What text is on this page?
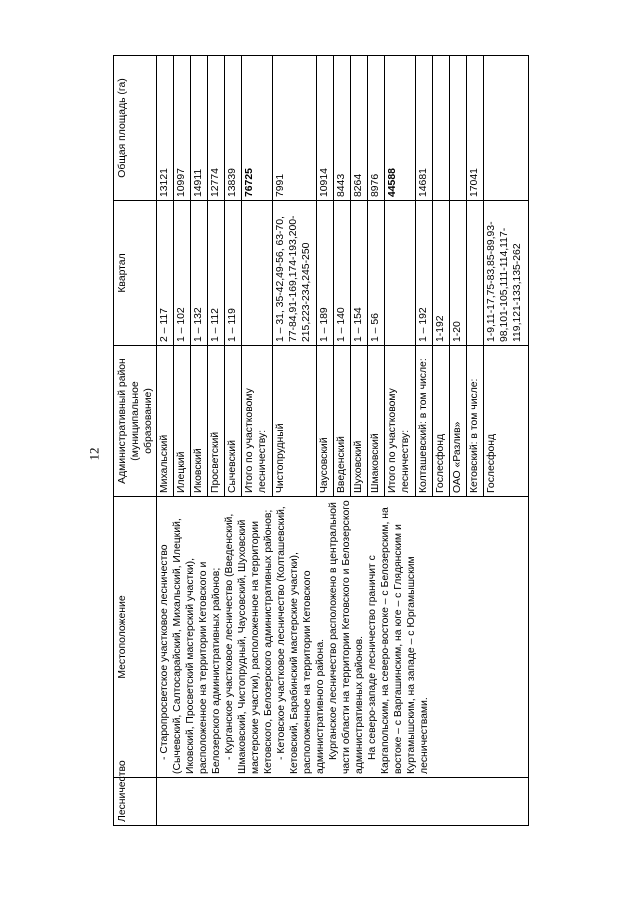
12
Лесничество	Местоположение	Административный район (муниципальное образование)	Квартал	Общая площадь (га)

	- Старопросветское участковое лесничество (Сычевский, Салтосарайский, Михальский, Илецкий, Иковский, Просветский мастерский участки), расположенное на территории Кетовского и Белозерского административных районов; - Курганское участковое лесничество (Введенский, Шмаковский, Чистопрудный, Чаусовский, Шуховский мастерские участки), расположенное на территории Кетовского, Белозерского административных районов; - Кетовское участковое лесничество (Колташевский, Кетовский, Барабинский мастерские участки), расположенное на территории Кетовского административного района. Курганское лесничество расположено в центральной части области на территории Кетовского и Белозерского административных районов. На северо-западе лесничество граничит с Каргапольским, на северо-востоке – с Белозерским, на востоке – с Варгашинским, на юге – с Глядянским и Куртамышским, на западе – с Юргамышским лесничествами.	Михальский	2 – 117	13121
		Илецкий	1 – 102	10997
		Иковский	1 – 132	14911
		Просветский	1 – 112	12774
		Сычевский	1 – 119	13839
		Итого по участковому лесничеству:		76725
		Чистопрудный	1 – 31, 35-42,49-56, 63-70, 77-84,91-169,174-193,200-215,223-234,245-250	7991
		Чаусовский	1 – 189	10914
		Введенский	1 – 140	8443
		Шуховский	1 – 154	8264
		Шмаковский	1 – 56	8976
		Итого по участковому лесничеству:		44588
		Колташевский: в том числе:	1 – 192	14681
		Гослесфонд	1-192	
		ОАО «Разлив»	1-20	
		Кетовский: в том числе:		17041
		Гослесфонд	1-9,11-17,75-83,85-89,93-98,101-105,111-114,117-119,121-133,135-262	
